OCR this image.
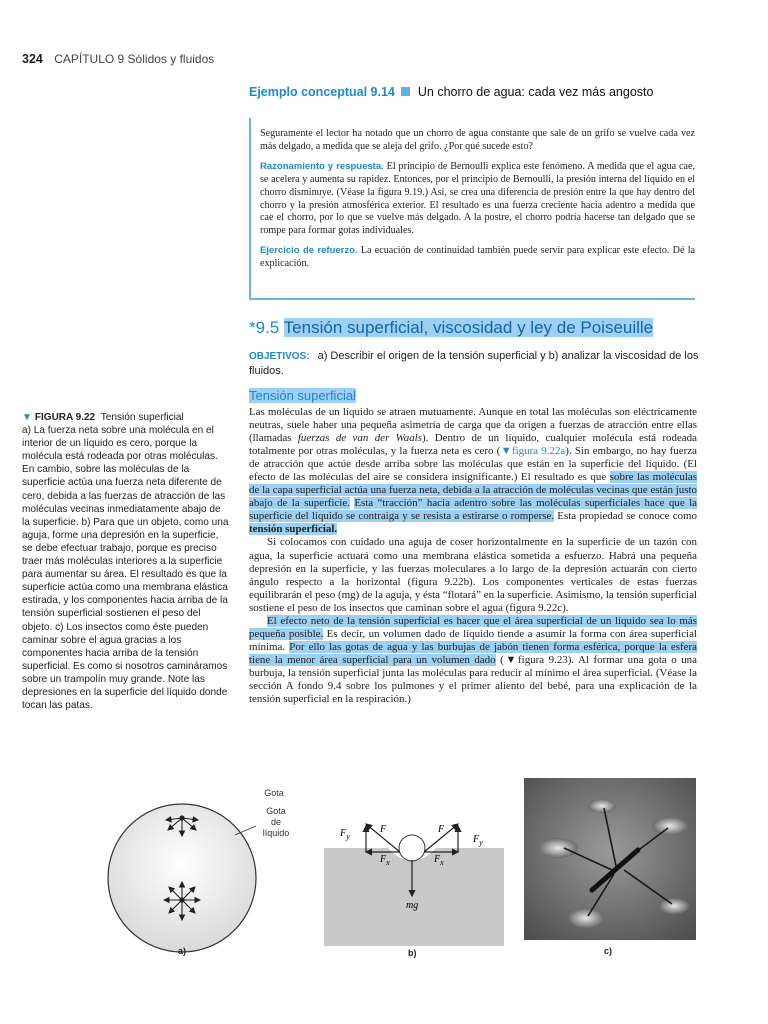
324 CAPÍTULO 9 Sólidos y fluidos
Ejemplo conceptual 9.14 Un chorro de agua: cada vez más angosto

Seguramente el lector ha notado que un chorro de agua constante que sale de un grifo se vuelve cada vez más delgado, a medida que se aleja del grifo. ¿Por qué sucede esto?

Razonamiento y respuesta. El principio de Bernoulli explica este fenómeno. A medida que el agua cae, se acelera y aumenta su rapidez. Entonces, por el principio de Bernoulli, la presión interna del líquido en el chorro disminuye. (Véase la figura 9.19.) Así, se crea una diferencia de presión entre la que hay dentro del chorro y la presión atmosférica exterior. El resultado es una fuerza creciente hacia adentro a medida que cae el chorro, por lo que se vuelve más delgado. A la postre, el chorro podría hacerse tan delgado que se rompe para formar gotas individuales.

Ejercicio de refuerzo. La ecuación de continuidad también puede servir para explicar este efecto. Dé la explicación.

*9.5 Tensión superficial, viscosidad y ley de Poiseuille
OBJETIVOS: a) Describir el origen de la tensión superficial y b) analizar la viscosidad de los fluidos.
Tensión superficial

Las moléculas de un líquido se atraen mutuamente. Aunque en total las moléculas son eléctricamente neutras, suele haber una pequeña asimetría de carga que da origen a fuerzas de atracción entre ellas (llamadas fuerzas de van der Waals). Dentro de un líquido, cualquier molécula está rodeada totalmente por otras moléculas, y la fuerza neta es cero (▼figura 9.22a). Sin embargo, no hay fuerza de atracción que actúe desde arriba sobre las moléculas que están en la superficie del líquido. (El efecto de las moléculas del aire se considera insignificante.) El resultado es que sobre las moléculas de la capa superficial actúa una fuerza neta, debida a la atracción de moléculas vecinas que están justo abajo de la superficie. Esta “tracción” hacia adentro sobre las moléculas superficiales hace que la superficie del líquido se contraiga y se resista a estirarse o romperse. Esta propiedad se conoce como tensión superficial.

Si colocamos con cuidado una aguja de coser horizontalmente en la superficie de un tazón con agua, la superficie actuará como una membrana elástica sometida a esfuerzo. Habrá una pequeña depresión en la superficie, y las fuerzas moleculares a lo largo de la depresión actuarán con cierto ángulo respecto a la horizontal (figura 9.22b). Los componentes verticales de estas fuerzas equilibrarán el peso (mg) de la aguja, y ésta “flotará” en la superficie. Asimismo, la tensión superficial sostiene el peso de los insectos que caminan sobre el agua (figura 9.22c).

El efecto neto de la tensión superficial es hacer que el área superficial de un líquido sea lo más pequeña posible. Es decir, un volumen dado de líquido tiende a asumir la forma con área superficial mínima. Por ello las gotas de agua y las burbujas de jabón tienen forma esférica, porque la esfera tiene la menor área superficial para un volumen dado (▼figura 9.23). Al formar una gota o una burbuja, la tensión superficial junta las moléculas para reducir al mínimo el área superficial. (Véase la sección A fondo 9.4 sobre los pulmones y el primer aliento del bebé, para una explicación de la tensión superficial en la respiración.)

▼ FIGURA 9.22 Tensión superficial
a) La fuerza neta sobre una molécula en el interior de un líquido es cero, porque la molécula está rodeada por otras moléculas. En cambio, sobre las moléculas de la superficie actúa una fuerza neta diferente de cero, debida a las fuerzas de atracción de las moléculas vecinas inmediatamente abajo de la superficie. b) Para que un objeto, como una aguja, forme una depresión en la superficie, se debe efectuar trabajo, porque es preciso traer más moléculas interiores a la superficie para aumentar su área. El resultado es que la superficie actúa como una membrana elástica estirada, y los componentes hacia arriba de la tensión superficial sostienen el peso del objeto. c) Los insectos como éste pueden caminar sobre el agua gracias a los componentes hacia arriba de la tensión superficial. Es como si nosotros camináramos sobre un trampolín muy grande. Note las depresiones en la superficie del líquido donde tocan las patas.
Gota
Gota
de
líquido
a)
F	F
$F_y$	$F_y$
$F_x$	$F_x$
mg
b)	c)
